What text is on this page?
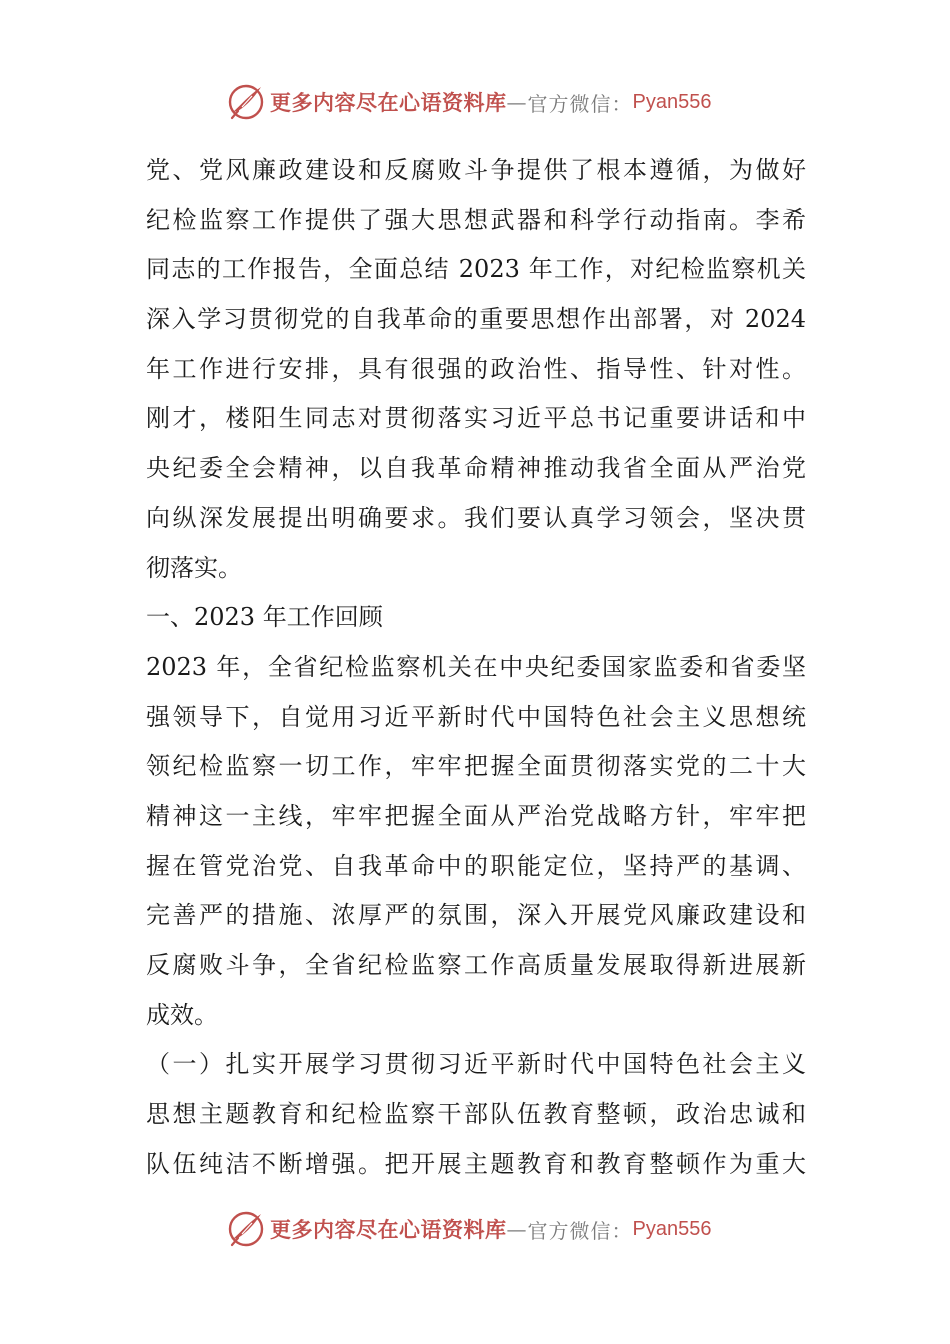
更多内容尽在心语资料库 — 官方微信： Pyan556
党、党风廉政建设和反腐败斗争提供了根本遵循，为做好
纪检监察工作提供了强大思想武器和科学行动指南。李希
同志的工作报告，全面总结 2023 年工作，对纪检监察机关
深入学习贯彻党的自我革命的重要思想作出部署，对 2024
年工作进行安排，具有很强的政治性、指导性、针对性。
刚才，楼阳生同志对贯彻落实习近平总书记重要讲话和中
央纪委全会精神，以自我革命精神推动我省全面从严治党
向纵深发展提出明确要求。我们要认真学习领会，坚决贯
彻落实。
一、2023 年工作回顾
2023 年，全省纪检监察机关在中央纪委国家监委和省委坚
强领导下，自觉用习近平新时代中国特色社会主义思想统
领纪检监察一切工作，牢牢把握全面贯彻落实党的二十大
精神这一主线，牢牢把握全面从严治党战略方针，牢牢把
握在管党治党、自我革命中的职能定位，坚持严的基调、
完善严的措施、浓厚严的氛围，深入开展党风廉政建设和
反腐败斗争，全省纪检监察工作高质量发展取得新进展新
成效。
（一）扎实开展学习贯彻习近平新时代中国特色社会主义
思想主题教育和纪检监察干部队伍教育整顿，政治忠诚和
队伍纯洁不断增强。把开展主题教育和教育整顿作为重大
更多内容尽在心语资料库 — 官方微信： Pyan556
